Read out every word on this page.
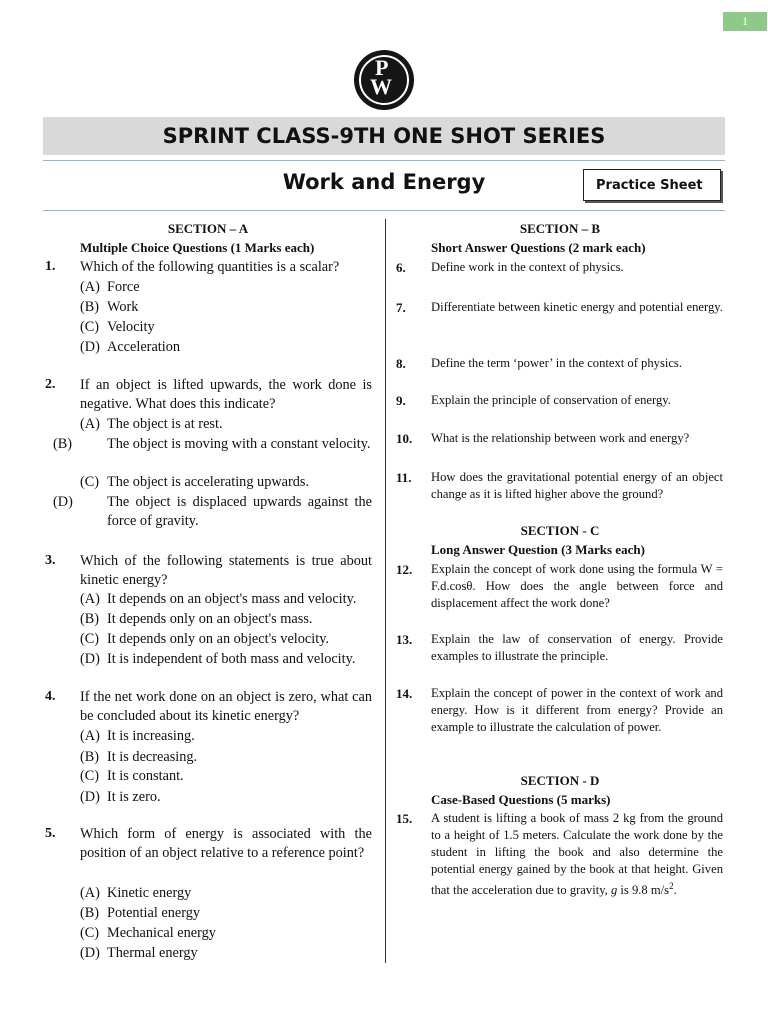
1
P
W
SPRINT CLASS-9TH ONE SHOT SERIES
Work and Energy	Practice Sheet
SECTION – A
Multiple Choice Questions (1 Marks each)
1. Which of the following quantities is a scalar?
(A) Force
(B) Work
(C) Velocity
(D) Acceleration
2. If an object is lifted upwards, the work done is negative. What does this indicate?
(A) The object is at rest.
(B) The object is moving with a constant velocity.
(C) The object is accelerating upwards.
(D) The object is displaced upwards against the force of gravity.
3. Which of the following statements is true about kinetic energy?
(A) It depends on an object's mass and velocity.
(B) It depends only on an object's mass.
(C) It depends only on an object's velocity.
(D) It is independent of both mass and velocity.
4. If the net work done on an object is zero, what can be concluded about its kinetic energy?
(A) It is increasing.
(B) It is decreasing.
(C) It is constant.
(D) It is zero.
5. Which form of energy is associated with the position of an object relative to a reference point?
(A) Kinetic energy
(B) Potential energy
(C) Mechanical energy
(D) Thermal energy
SECTION – B
Short Answer Questions (2 mark each)
6. Define work in the context of physics.
7. Differentiate between kinetic energy and potential energy.
8. Define the term ‘power’ in the context of physics.
9. Explain the principle of conservation of energy.
10. What is the relationship between work and energy?
11. How does the gravitational potential energy of an object change as it is lifted higher above the ground?
SECTION - C
Long Answer Question (3 Marks each)
12. Explain the concept of work done using the formula W = F.d.cosθ. How does the angle between force and displacement affect the work done?
13. Explain the law of conservation of energy. Provide examples to illustrate the principle.
14. Explain the concept of power in the context of work and energy. How is it different from energy? Provide an example to illustrate the calculation of power.
SECTION - D
Case-Based Questions (5 marks)
15. A student is lifting a book of mass 2 kg from the ground to a height of 1.5 meters. Calculate the work done by the student in lifting the book and also determine the potential energy gained by the book at that height. Given that the acceleration due to gravity, g is 9.8 $m/s^2$.
